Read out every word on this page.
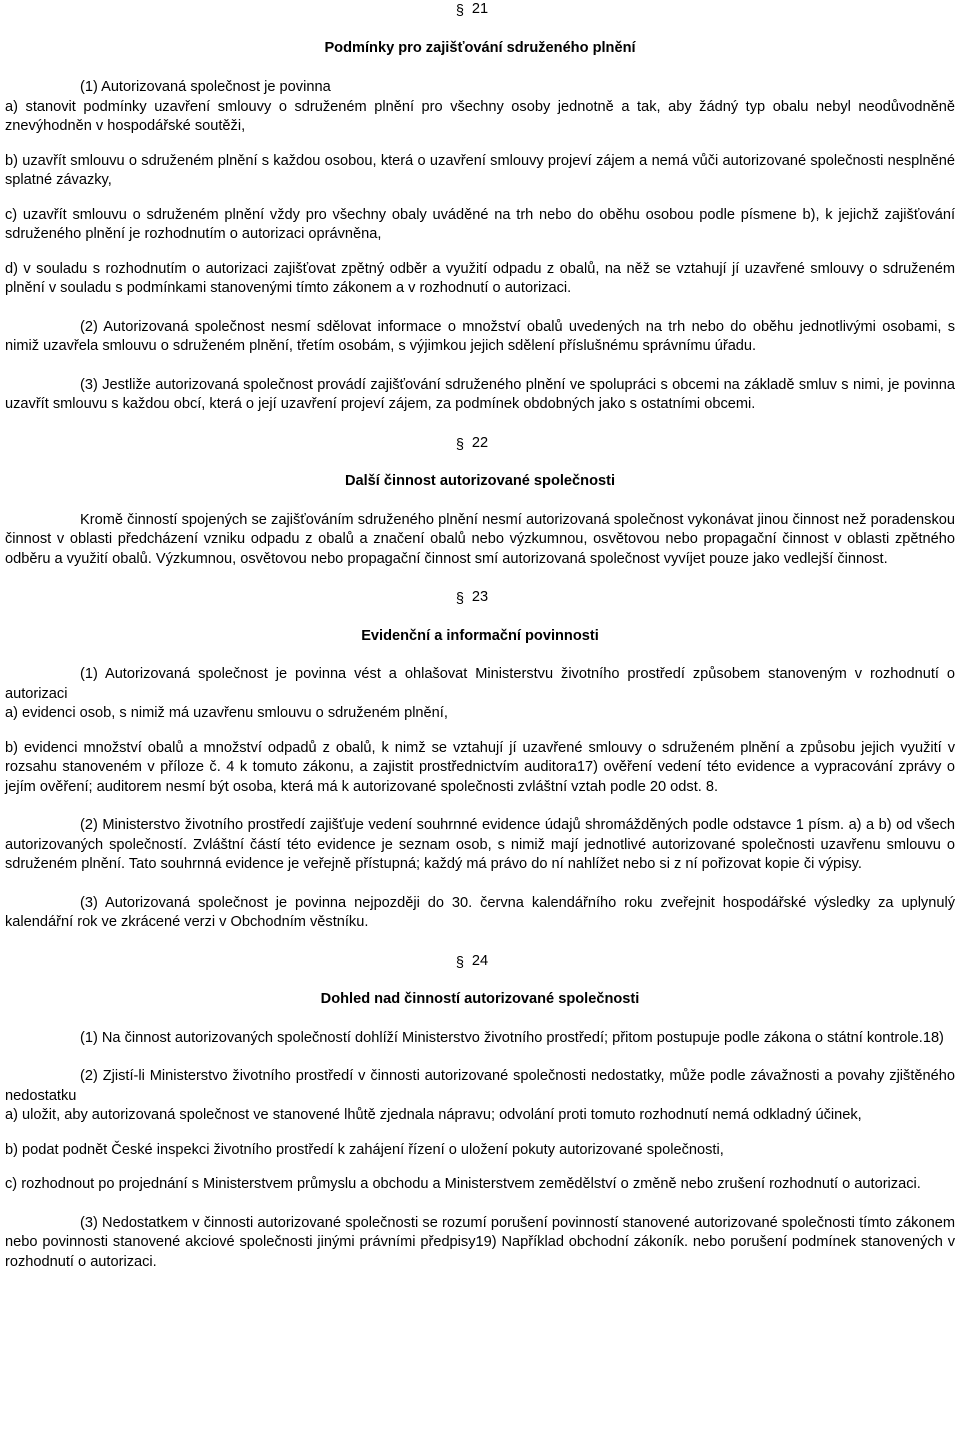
§ 21
Podmínky pro zajišťování sdruženého plnění

(1) Autorizovaná společnost je povinna

a) stanovit podmínky uzavření smlouvy o sdruženém plnění pro všechny osoby jednotně a tak, aby žádný typ obalu nebyl neodůvodněně znevýhodněn v hospodářské soutěži,

b) uzavřít smlouvu o sdruženém plnění s každou osobou, která o uzavření smlouvy projeví zájem a nemá vůči autorizované společnosti nesplněné splatné závazky,

c) uzavřít smlouvu o sdruženém plnění vždy pro všechny obaly uváděné na trh nebo do oběhu osobou podle písmene b), k jejichž zajišťování sdruženého plnění je rozhodnutím o autorizaci oprávněna,

d) v souladu s rozhodnutím o autorizaci zajišťovat zpětný odběr a využití odpadu z obalů, na něž se vztahují jí uzavřené smlouvy o sdruženém plnění v souladu s podmínkami stanovenými tímto zákonem a v rozhodnutí o autorizaci.

(2) Autorizovaná společnost nesmí sdělovat informace o množství obalů uvedených na trh nebo do oběhu jednotlivými osobami, s nimiž uzavřela smlouvu o sdruženém plnění, třetím osobám, s výjimkou jejich sdělení příslušnému správnímu úřadu.

(3) Jestliže autorizovaná společnost provádí zajišťování sdruženého plnění ve spolupráci s obcemi na základě smluv s nimi, je povinna uzavřít smlouvu s každou obcí, která o její uzavření projeví zájem, za podmínek obdobných jako s ostatními obcemi.

§ 22
Další činnost autorizované společnosti

Kromě činností spojených se zajišťováním sdruženého plnění nesmí autorizovaná společnost vykonávat jinou činnost než poradenskou činnost v oblasti předcházení vzniku odpadu z obalů a značení obalů nebo výzkumnou, osvětovou nebo propagační činnost v oblasti zpětného odběru a využití obalů. Výzkumnou, osvětovou nebo propagační činnost smí autorizovaná společnost vyvíjet pouze jako vedlejší činnost.

§ 23
Evidenční a informační povinnosti

(1) Autorizovaná společnost je povinna vést a ohlašovat Ministerstvu životního prostředí způsobem stanoveným v rozhodnutí o autorizaci

a) evidenci osob, s nimiž má uzavřenu smlouvu o sdruženém plnění,

b) evidenci množství obalů a množství odpadů z obalů, k nimž se vztahují jí uzavřené smlouvy o sdruženém plnění a způsobu jejich využití v rozsahu stanoveném v příloze č. 4 k tomuto zákonu, a zajistit prostřednictvím auditora17) ověření vedení této evidence a vypracování zprávy o jejím ověření; auditorem nesmí být osoba, která má k autorizované společnosti zvláštní vztah podle 20 odst. 8.

(2) Ministerstvo životního prostředí zajišťuje vedení souhrnné evidence údajů shromážděných podle odstavce 1 písm. a) a b) od všech autorizovaných společností. Zvláštní částí této evidence je seznam osob, s nimiž mají jednotlivé autorizované společnosti uzavřenu smlouvu o sdruženém plnění. Tato souhrnná evidence je veřejně přístupná; každý má právo do ní nahlížet nebo si z ní pořizovat kopie či výpisy.

(3) Autorizovaná společnost je povinna nejpozději do 30. června kalendářního roku zveřejnit hospodářské výsledky za uplynulý kalendářní rok ve zkrácené verzi v Obchodním věstníku.

§ 24
Dohled nad činností autorizované společnosti

(1) Na činnost autorizovaných společností dohlíží Ministerstvo životního prostředí; přitom postupuje podle zákona o státní kontrole.18)

(2) Zjistí-li Ministerstvo životního prostředí v činnosti autorizované společnosti nedostatky, může podle závažnosti a povahy zjištěného nedostatku

a) uložit, aby autorizovaná společnost ve stanovené lhůtě zjednala nápravu; odvolání proti tomuto rozhodnutí nemá odkladný účinek,

b) podat podnět České inspekci životního prostředí k zahájení řízení o uložení pokuty autorizované společnosti,

c) rozhodnout po projednání s Ministerstvem průmyslu a obchodu a Ministerstvem zemědělství o změně nebo zrušení rozhodnutí o autorizaci.

(3) Nedostatkem v činnosti autorizované společnosti se rozumí porušení povinností stanovené autorizované společnosti tímto zákonem nebo povinnosti stanovené akciové společnosti jinými právními předpisy19) Například obchodní zákoník. nebo porušení podmínek stanovených v rozhodnutí o autorizaci.
